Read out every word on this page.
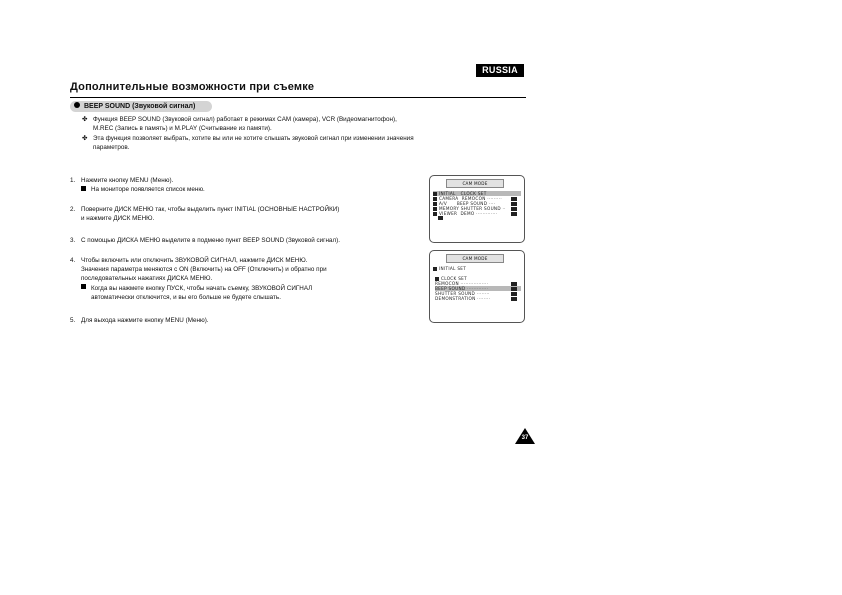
RUSSIA
Дополнительные возможности при съемке
BEEP SOUND (Звуковой сигнал)
✤ Функция BEEP SOUND (Звуковой сигнал) работает в режимах CAM (камера), VCR (Видеомагнитофон),
M.REC (Запись в память) и M.PLAY (Считывание из памяти).
✤ Эта функция позволяет выбрать, хотите вы или не хотите слышать звуковой сигнал при изменении значения
параметров.
1. Нажмите кнопку MENU (Меню).
На мониторе появляется список меню.
2. Поверните ДИСК МЕНЮ так, чтобы выделить пункт INITIAL (ОСНОВНЫЕ НАСТРОЙКИ)
и нажмите ДИСК МЕНЮ.
3. С помощью ДИСКА МЕНЮ выделите в подменю пункт BEEP SOUND (Звуковой сигнал).
4. Чтобы включить или отключить ЗВУКОВОЙ СИГНАЛ, нажмите ДИСК МЕНЮ.
Значения параметра меняются с ON (Включить) на OFF (Отключить) и обратно при
последовательных нажатиях ДИСКА МЕНЮ.
Когда вы нажмете кнопку ПУСК, чтобы начать съемку, ЗВУКОВОЙ СИГНАЛ
автоматически отключится, и вы его больше не будете слышать.
5. Для выхода нажмите кнопку MENU (Меню).
CAM MODE
INITIAL CLOCK SET
CAMERA REMOCON ·········
A/V BEEP SOUND ····
MEMORY SHUTTER SOUND ··
VIEWER DEMO ·············
CAM MODE
INITIAL SET
CLOCK SET
REMOCON ·················
BEEP SOUND ·············
SHUTTER SOUND ········
DEMONSTRATION ········
37
